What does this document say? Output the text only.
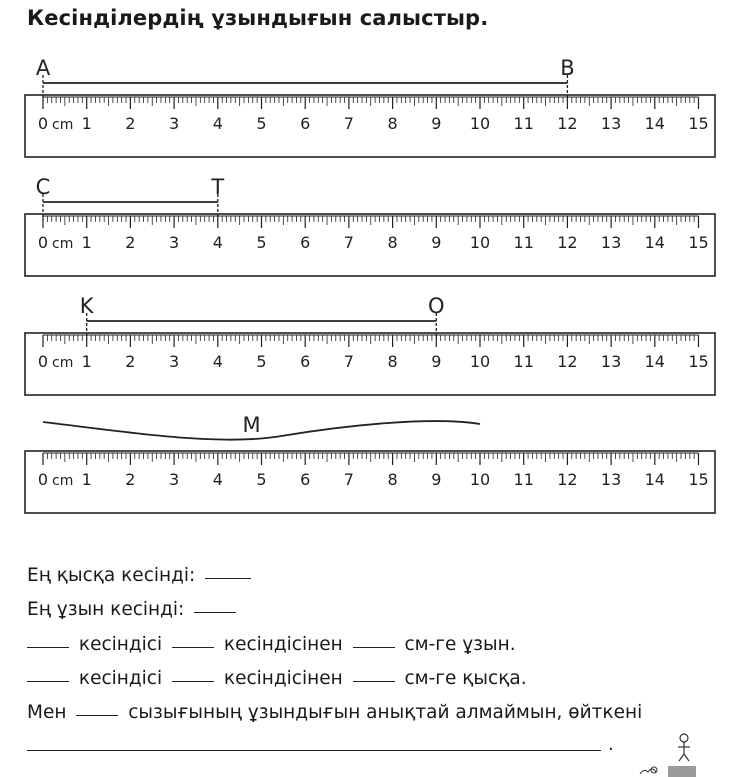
Кесінділердің ұзындығын салыстыр.
0 1 2 3 4 5 6 7 8 9 10 11 12 13 14 15
cm
A	B
0 1 2 3 4 5 6 7 8 9 10 11 12 13 14 15
cm
C	T
0 1 2 3 4 5 6 7 8 9 10 11 12 13 14 15
cm
K	O
0 1 2 3 4 5 6 7 8 9 10 11 12 13 14 15
cm
M
Ең қысқа кесінді:
Ең ұзын кесінді:
кесіндісі	кесіндісінен	см-ге ұзын.
кесіндісі	кесіндісінен	см-ге қысқа.
Мен	сызығының ұзындығын анықтай алмаймын, өйткені
.
